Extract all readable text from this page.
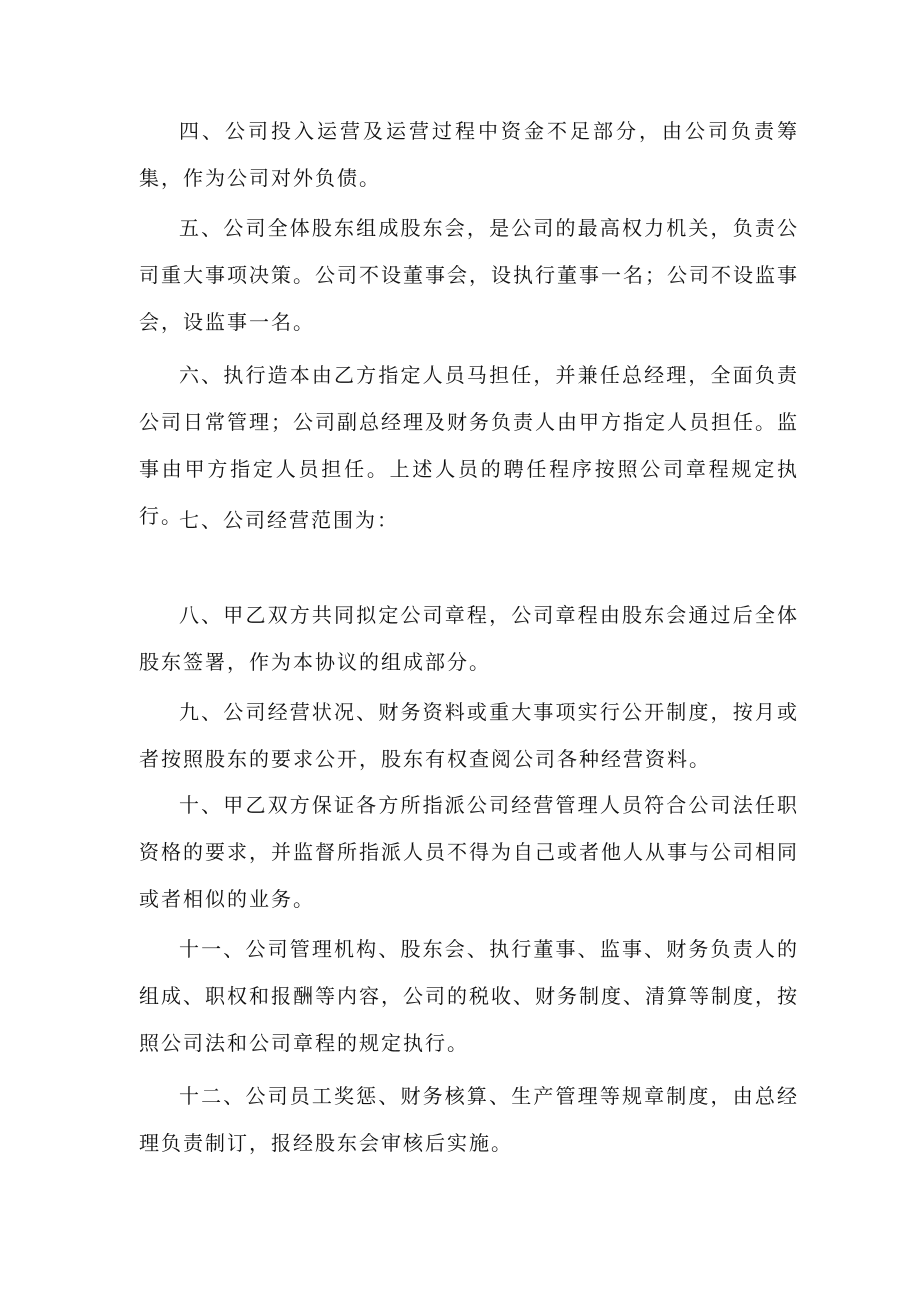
四、公司投入运营及运营过程中资金不足部分，由公司负责筹集，作为公司对外负债。

五、公司全体股东组成股东会，是公司的最高权力机关，负责公司重大事项决策。公司不设董事会，设执行董事一名；公司不设监事会，设监事一名。

六、执行造本由乙方指定人员马担任，并兼任总经理，全面负责公司日常管理；公司副总经理及财务负责人由甲方指定人员担任。监事由甲方指定人员担任。上述人员的聘任程序按照公司章程规定执行。

七、公司经营范围为：

八、甲乙双方共同拟定公司章程，公司章程由股东会通过后全体股东签署，作为本协议的组成部分。

九、公司经营状况、财务资料或重大事项实行公开制度，按月或者按照股东的要求公开，股东有权查阅公司各种经营资料。

十、甲乙双方保证各方所指派公司经营管理人员符合公司法任职资格的要求，并监督所指派人员不得为自己或者他人从事与公司相同或者相似的业务。

十一、公司管理机构、股东会、执行董事、监事、财务负责人的组成、职权和报酬等内容，公司的税收、财务制度、清算等制度，按照公司法和公司章程的规定执行。

十二、公司员工奖惩、财务核算、生产管理等规章制度，由总经理负责制订，报经股东会审核后实施。
